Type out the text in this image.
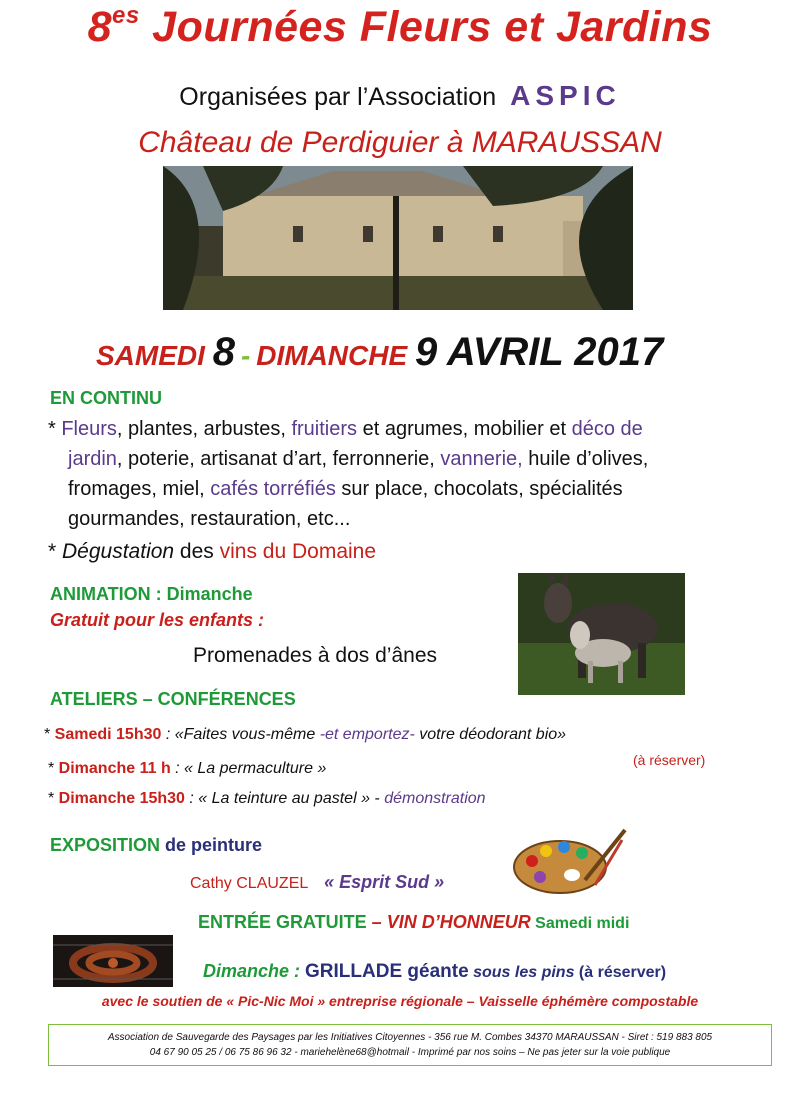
$8^{es}$ Journées Fleurs et Jardins
Organisées par l’Association ASPIC
Château de Perdiguier à MARAUSSAN
SAMEDI 8 - DIMANCHE 9 AVRIL 2017
EN CONTINU
* Fleurs, plantes, arbustes, fruitiers et agrumes, mobilier et déco de
jardin, poterie, artisanat d’art, ferronnerie, vannerie, huile d’olives,
fromages, miel, cafés torréfiés sur place, chocolats, spécialités
gourmandes, restauration, etc...
* Dégustation des vins du Domaine
ANIMATION : Dimanche
Gratuit pour les enfants :
Promenades à dos d’ânes
ATELIERS – CONFÉRENCES
* Samedi 15h30 : «Faites vous-même -et emportez- votre déodorant bio»
(à réserver)
* Dimanche 11 h : « La permaculture »
* Dimanche 15h30 : « La teinture au pastel » - démonstration
EXPOSITION de peinture
Cathy CLAUZEL « Esprit Sud »
ENTRÉE GRATUITE – VIN D’HONNEUR Samedi midi
Dimanche : GRILLADE géante sous les pins (à réserver)
avec le soutien de « Pic-Nic Moi » entreprise régionale – Vaisselle éphémère compostable
Association de Sauvegarde des Paysages par les Initiatives Citoyennes - 356 rue M. Combes 34370 MARAUSSAN - Siret : 519 883 805
04 67 90 05 25 / 06 75 86 96 32 - mariehelène68@hotmail - Imprimé par nos soins – Ne pas jeter sur la voie publique
